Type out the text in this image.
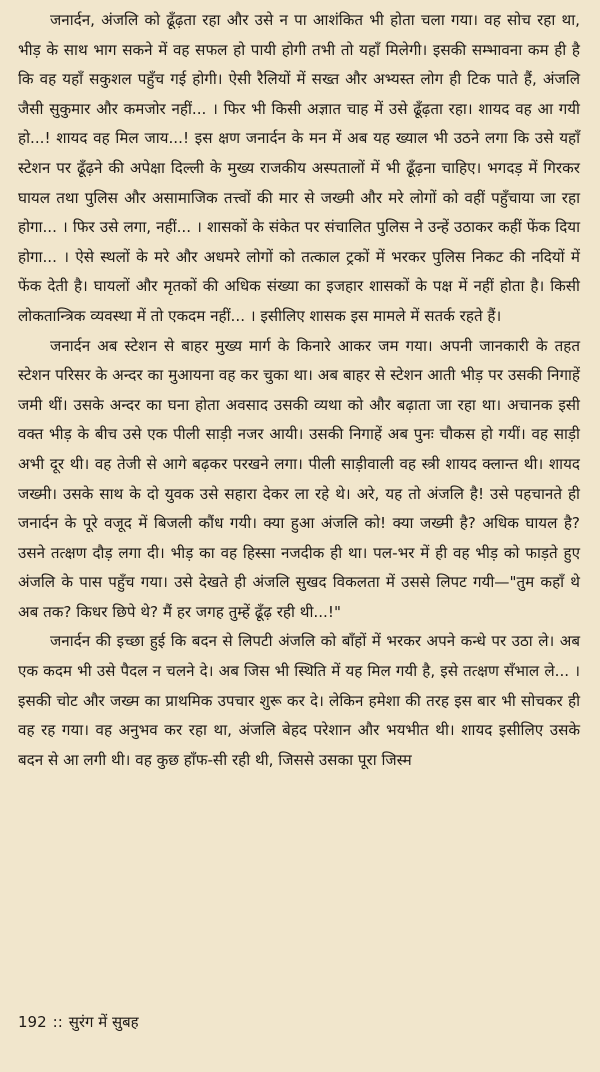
जनार्दन, अंजलि को ढूँढ़ता रहा और उसे न पा आशंकित भी होता चला गया। वह सोच रहा था, भीड़ के साथ भाग सकने में वह सफल हो पायी होगी तभी तो यहाँ मिलेगी। इसकी सम्भावना कम ही है कि वह यहाँ सकुशल पहुँच गई होगी। ऐसी रैलियों में सख्त और अभ्यस्त लोग ही टिक पाते हैं, अंजलि जैसी सुकुमार और कमजोर नहीं... । फिर भी किसी अज्ञात चाह में उसे ढूँढ़ता रहा। शायद वह आ गयी हो...! शायद वह मिल जाय...! इस क्षण जनार्दन के मन में अब यह ख्याल भी उठने लगा कि उसे यहाँ स्टेशन पर ढूँढ़ने की अपेक्षा दिल्ली के मुख्य राजकीय अस्पतालों में भी ढूँढ़ना चाहिए। भगदड़ में गिरकर घायल तथा पुलिस और असामाजिक तत्त्वों की मार से जख्मी और मरे लोगों को वहीं पहुँचाया जा रहा होगा... । फिर उसे लगा, नहीं... । शासकों के संकेत पर संचालित पुलिस ने उन्हें उठाकर कहीं फेंक दिया होगा... । ऐसे स्थलों के मरे और अधमरे लोगों को तत्काल ट्रकों में भरकर पुलिस निकट की नदियों में फेंक देती है। घायलों और मृतकों की अधिक संख्या का इजहार शासकों के पक्ष में नहीं होता है। किसी लोकतान्त्रिक व्यवस्था में तो एकदम नहीं... । इसीलिए शासक इस मामले में सतर्क रहते हैं।

जनार्दन अब स्टेशन से बाहर मुख्य मार्ग के किनारे आकर जम गया। अपनी जानकारी के तहत स्टेशन परिसर के अन्दर का मुआयना वह कर चुका था। अब बाहर से स्टेशन आती भीड़ पर उसकी निगाहें जमी थीं। उसके अन्दर का घना होता अवसाद उसकी व्यथा को और बढ़ाता जा रहा था। अचानक इसी वक्त भीड़ के बीच उसे एक पीली साड़ी नजर आयी। उसकी निगाहें अब पुनः चौकस हो गयीं। वह साड़ी अभी दूर थी। वह तेजी से आगे बढ़कर परखने लगा। पीली साड़ीवाली वह स्त्री शायद क्लान्त थी। शायद जख्मी। उसके साथ के दो युवक उसे सहारा देकर ला रहे थे। अरे, यह तो अंजलि है! उसे पहचानते ही जनार्दन के पूरे वजूद में बिजली कौंध गयी। क्या हुआ अंजलि को! क्या जख्मी है? अधिक घायल है? उसने तत्क्षण दौड़ लगा दी। भीड़ का वह हिस्सा नजदीक ही था। पल-भर में ही वह भीड़ को फाड़ते हुए अंजलि के पास पहुँच गया। उसे देखते ही अंजलि सुखद विकलता में उससे लिपट गयी—"तुम कहाँ थे अब तक? किधर छिपे थे? मैं हर जगह तुम्हें ढूँढ़ रही थी...!"

जनार्दन की इच्छा हुई कि बदन से लिपटी अंजलि को बाँहों में भरकर अपने कन्धे पर उठा ले। अब एक कदम भी उसे पैदल न चलने दे। अब जिस भी स्थिति में यह मिल गयी है, इसे तत्क्षण सँभाल ले... । इसकी चोट और जख्म का प्राथमिक उपचार शुरू कर दे। लेकिन हमेशा की तरह इस बार भी सोचकर ही वह रह गया। वह अनुभव कर रहा था, अंजलि बेहद परेशान और भयभीत थी। शायद इसीलिए उसके बदन से आ लगी थी। वह कुछ हाँफ-सी रही थी, जिससे उसका पूरा जिस्म

192 :: सुरंग में सुबह
